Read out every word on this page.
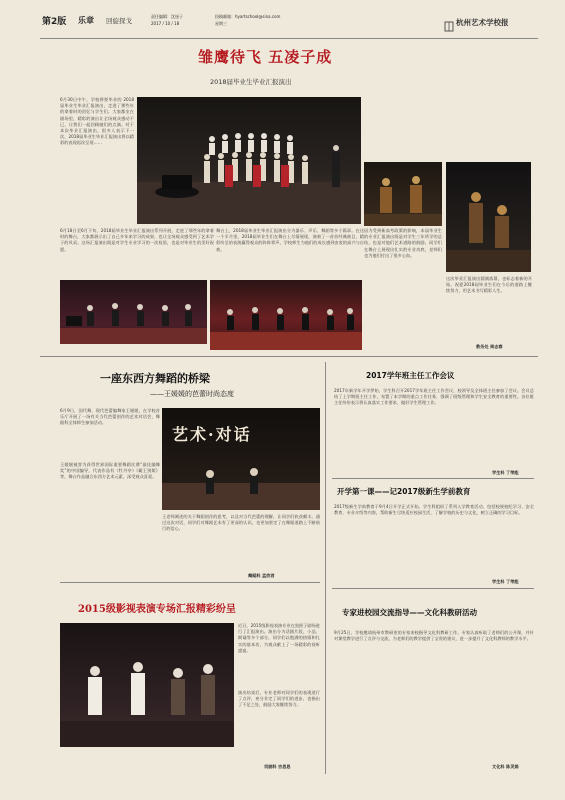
第2版 乐章 回旋探戈
责任编辑：沈迷子
2017 / 10 / 18
投稿邮箱：hyartschool@sina.com
星期三	杭州艺术学校报
雏鹰待飞 五凌子成
2018届毕业生毕业汇报演出
6月30日中午，学校将要毕业的 2018届毕业生毕业汇报演出，走进了那些年的拿着时的回忆与学生们。大家都坐在剧场里，精彩的演出让全场观众感动不已，让我们一起回顾她们的点滴。对于本次毕业汇报演出，很多人表示下一次，2018届毕业生毕业汇报演出将以精彩的表现再次呈现……
6月18日至6月下旬，2018届毕业生毕业汇报演出系列开展，走进了那些年的拿着时的舞台，大家都展示出了自己多年来学习的成果，也让全场观众感受到了艺术学子的风采。这场汇报演出既是对学生专业学习的一次检验，也是对毕业生的美好祝愿。
舞台上，2018届毕业生毕业汇报演出分为器乐、声乐、舞蹈等多个篇章。在这一个半月里，2018届毕业生们在舞台上尽情展现，演奏了一首首经典曲目，精彩纷呈的表演赢得观众的阵阵掌声，学校师生为他们的成长感到由衷的高兴与自豪。
因为受到新高考政策的影响，本届毕业生的专业汇报演出既是对学生三年所学的总结，也是对他们艺术道路的鼓励。同学们在舞台上展现出扎实的专业功底，老师们也为他们付出了很多心血。
这次毕业汇报演出圆满落幕，也标志着新的开始。祝愿2018届毕业生们在今后的道路上继续努力，用艺术书写精彩人生。
教务处 周志春
一座东西方舞蹈的桥梁
——王媛媛的芭蕾时尚态度
6月9日，国代舞、现代芭蕾编舞家王媛媛，在学校音乐厅开展了一场有关当代芭蕾创作的艺术对话会，舞蹈科全体师生参加活动。
王媛媛被誉为获得世界国际重要舞蹈比赛“最佳编舞奖”的中国编导，代表作品有《牡丹亭》《霸王别姬》等，舞台作品融合东西方艺术元素，深受观众喜爱。
艺术·对话
王老师阐述的关于舞蹈创作的思考，以及对当代芭蕾的理解，让同学们收获颇丰。通过这次对话，同学们对舞蹈艺术有了更深的认识，也更加坚定了在舞蹈道路上不断前行的信心。
舞蹈科 孟欣君
2015级影视表演专场汇报精彩纷呈
近日，2015级影视表演专业在黑匣子剧场进行了汇报演出。演出分为话剧片段、小品、朗诵等多个部分，同学们以饱满的热情和扎实的基本功，为观众献上了一场精彩的视听盛宴。
演出结束后，专业老师对同学们的表现进行了点评，充分肯定了同学们的进步，也指出了不足之处，鼓励大家继续努力。
戏剧科 吉思思
2017学年班主任工作会议
2017年新学年开学伊始，学生科召开2017学年班主任工作会议，校领导及全体班主任参加了会议。会议总结了上学期班主任工作，布置了本学期的重点工作任务，强调了班级管理和学生安全教育的重要性。各位班主任纷纷表示将认真落实工作要求，做好学生管理工作。
学生科 丁荣彪
开学第一课——记2017级新生学前教育
2017级新生学前教育于9月4日开学正式开始。学生科组织了系列入学教育活动，包括校规校纪学习、安全教育、专业介绍等内容，帮助新生尽快适应校园生活，了解学校的历史与文化，树立正确的学习目标。
学生科 丁荣彪
专家进校园交流指导——文化科教研活动
9月25日，学校邀请杭州市教研室的专家来校指导文化科教研工作。专家认真听取了老师们的公开课，并针对课堂教学进行了点评与交流，为老师们的教学提供了宝贵的建议，进一步提升了文化科教师的教学水平。
文化科 陈灵娟
